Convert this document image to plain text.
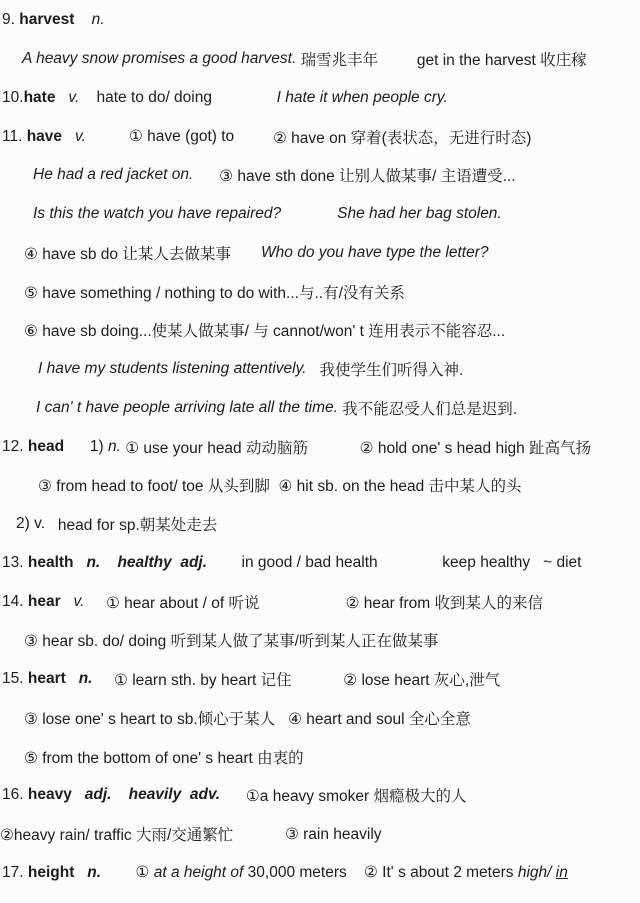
9. harvest
n.
A heavy snow promises a good harvest.
瑞雪兆丰年
	get in the harvest 收庄稼
10. hate
v.
hate to do/ doing
	I hate it when people cry.
11. have
v.
	① have (got) to
	② have on 穿着(表状态，无进行时态)
He had a red jacket on.
③ have sth done 让别人做某事/ 主语遭受...
Is this the watch you have repaired?
	She had her bag stolen.
④ have sb do 让某人去做某事
Who do you have type the letter?
⑤ have something / nothing to do with...与..有/没有关系
⑥ have sb doing...使某人做某事/ 与 cannot/won' t 连用表示不能容忍...
I have my students listening attentively.
我使学生们听得入神.
I can' t have people arriving late all the time.
我不能忍受人们总是迟到.
12. head
1) n.
① use your head 动动脑筋
	② hold one' s head high 趾高气扬
③ from head to foot/ toe 从头到脚
④ hit sb. on the head 击中某人的头
2) v.
head for sp.朝某处走去
13. health
n.
healthy
adj.
in good / bad health
	keep healthy   ~ diet
14. hear
v.
① hear about / of 听说
	② hear from 收到某人的来信
③ hear sb. do/ doing 听到某人做了某事/听到某人正在做某事
15. heart
n.
① learn sth. by heart 记住
	② lose heart 灰心,泄气
③ lose one' s heart to sb.倾心于某人
④ heart and soul 全心全意
⑤ from the bottom of one' s heart 由衷的
16. heavy
adj.
heavily
adv.
①a heavy smoker 烟瘾极大的人
②heavy rain/ traffic 大雨/交通繁忙
	③ rain heavily
17. height
n.
① at a height of 30,000 meters
② It' s about 2 meters high/ in
